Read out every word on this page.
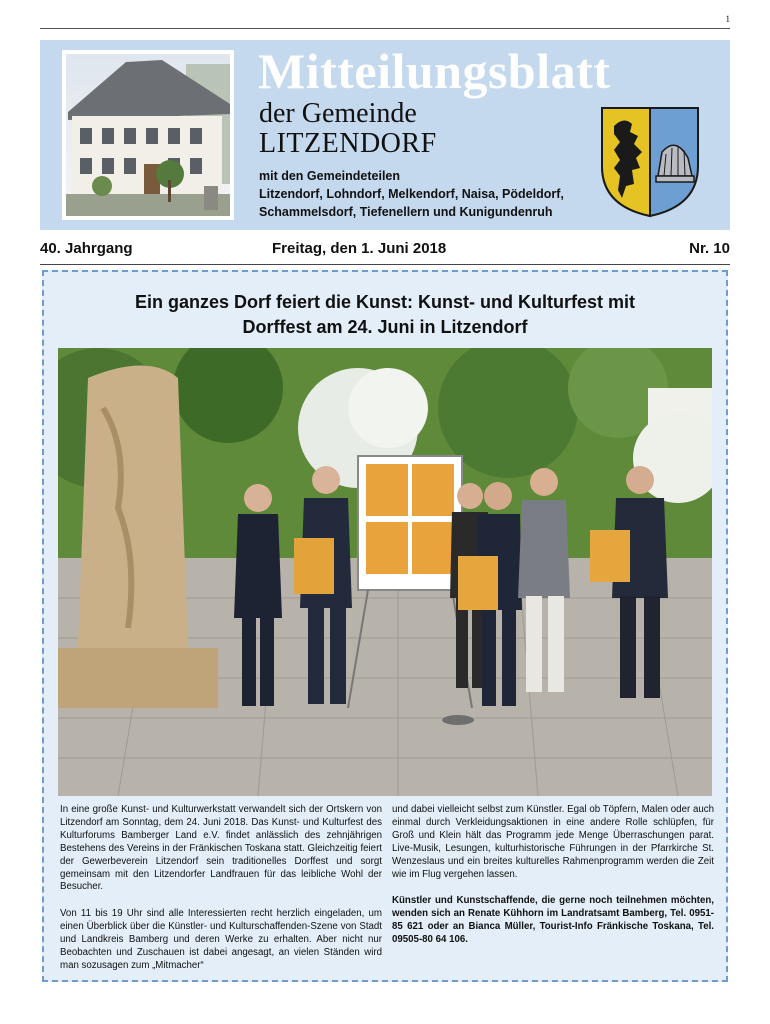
1
Mitteilungsblatt
der Gemeinde
LITZENDORF
mit den Gemeindeteilen
Litzendorf, Lohndorf, Melkendorf, Naisa, Pödeldorf,
Schammelsdorf, Tiefenellern und Kunigundenruh
40. Jahrgang	Freitag, den 1. Juni 2018	Nr. 10
Ein ganzes Dorf feiert die Kunst: Kunst- und Kulturfest mit
Dorffest am 24. Juni in Litzendorf

In eine große Kunst- und Kulturwerkstatt verwandelt sich der Ortskern von Litzendorf am Sonntag, dem 24. Juni 2018. Das Kunst- und Kulturfest des Kulturforums Bamberger Land e.V. findet anlässlich des zehnjährigen Bestehens des Vereins in der Fränkischen Toskana statt. Gleichzeitig feiert der Gewerbeverein Litzendorf sein traditionelles Dorffest und sorgt gemeinsam mit den Litzendorfer Landfrauen für das leibliche Wohl der Besucher.

Von 11 bis 19 Uhr sind alle Interessierten recht herzlich eingeladen, um einen Überblick über die Künstler- und Kulturschaffenden-Szene von Stadt und Landkreis Bamberg und deren Werke zu erhalten. Aber nicht nur Beobachten und Zuschauen ist dabei angesagt, an vielen Ständen wird man sozusagen zum „Mitmacher“

und dabei vielleicht selbst zum Künstler. Egal ob Töpfern, Malen oder auch einmal durch Verkleidungsaktionen in eine andere Rolle schlüpfen, für Groß und Klein hält das Programm jede Menge Überraschungen parat. Live-Musik, Lesungen, kulturhistorische Führungen in der Pfarrkirche St. Wenzeslaus und ein breites kulturelles Rahmenprogramm werden die Zeit wie im Flug vergehen lassen.

Künstler und Kunstschaffende, die gerne noch teilnehmen möchten, wenden sich an Renate Kühhorn im Landratsamt Bamberg, Tel. 0951-85 621 oder an Bianca Müller, Tourist-Info Fränkische Toskana, Tel. 09505-80 64 106.
